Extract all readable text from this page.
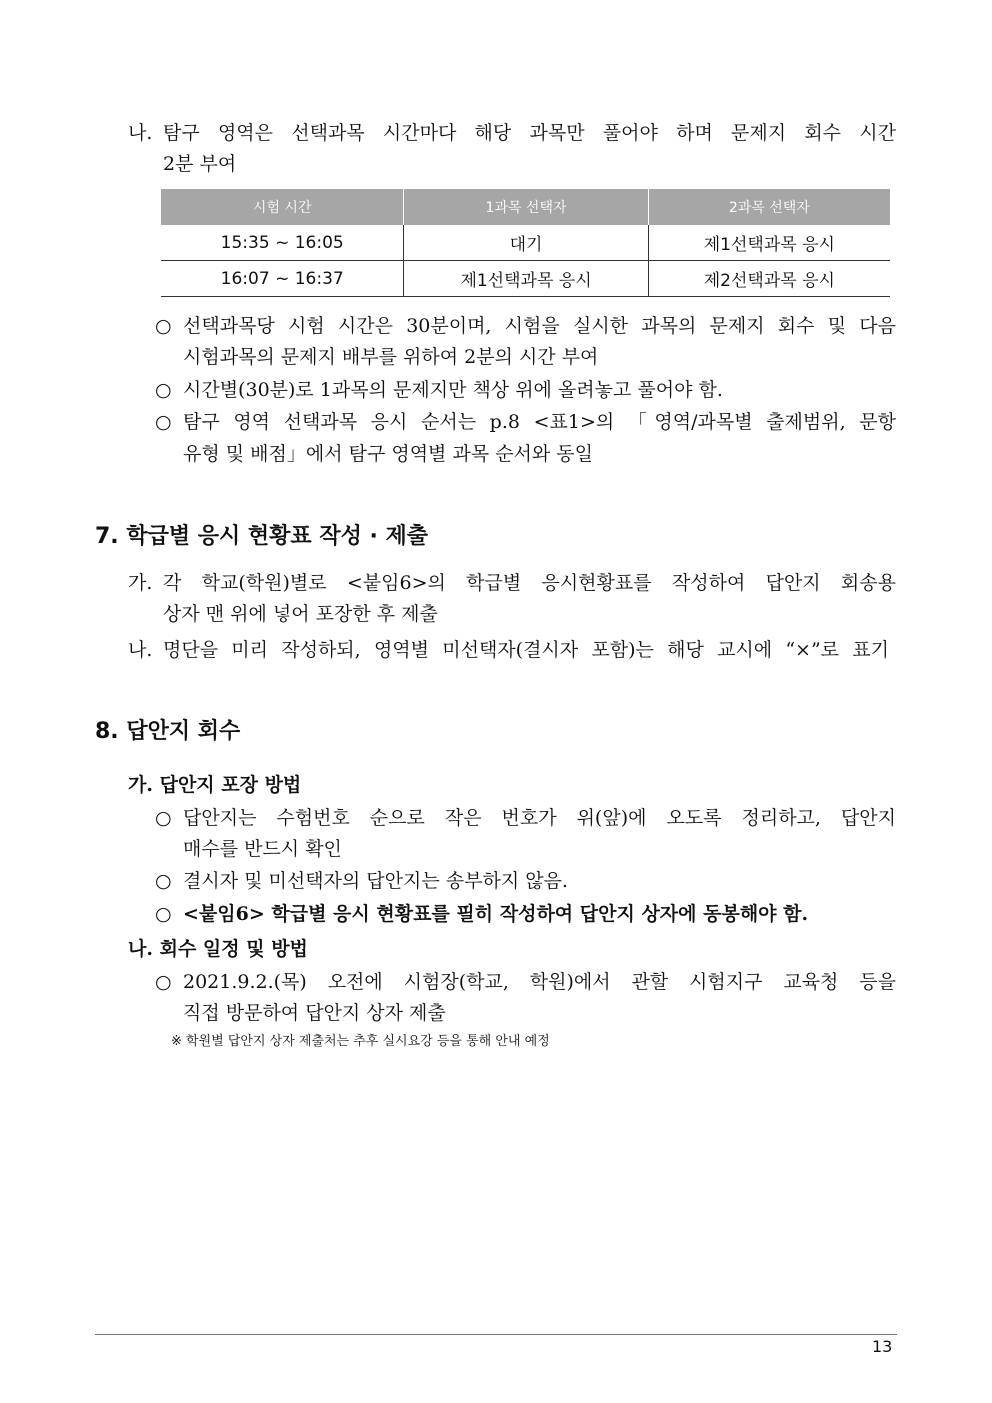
나. 탐구 영역은 선택과목 시간마다 해당 과목만 풀어야 하며 문제지 회수 시간
2분 부여
시험 시간	1과목 선택자	2과목 선택자
15:35 ~ 16:05	대기	제1선택과목 응시
16:07 ~ 16:37	제1선택과목 응시	제2선택과목 응시
○ 선택과목당 시험 시간은 30분이며, 시험을 실시한 과목의 문제지 회수 및 다음
시험과목의 문제지 배부를 위하여 2분의 시간 부여
○ 시간별(30분)로 1과목의 문제지만 책상 위에 올려놓고 풀어야 함.
○ 탐구 영역 선택과목 응시 순서는 p.8 <표1>의 「영역/과목별 출제범위, 문항
유형 및 배점」에서 탐구 영역별 과목 순서와 동일
7. 학급별 응시 현황표 작성 · 제출
가. 각 학교(학원)별로 <붙임6>의 학급별 응시현황표를 작성하여 답안지 회송용
상자 맨 위에 넣어 포장한 후 제출
나. 명단을 미리 작성하되, 영역별 미선택자(결시자 포함)는 해당 교시에 “×”로 표기
8. 답안지 회수
가. 답안지 포장 방법
○ 답안지는 수험번호 순으로 작은 번호가 위(앞)에 오도록 정리하고, 답안지
매수를 반드시 확인
○ 결시자 및 미선택자의 답안지는 송부하지 않음.
○ <붙임6> 학급별 응시 현황표를 필히 작성하여 답안지 상자에 동봉해야 함.
나. 회수 일정 및 방법
○ 2021.9.2.(목) 오전에 시험장(학교, 학원)에서 관할 시험지구 교육청 등을
직접 방문하여 답안지 상자 제출
※ 학원별 답안지 상자 제출처는 추후 실시요강 등을 통해 안내 예정
13
